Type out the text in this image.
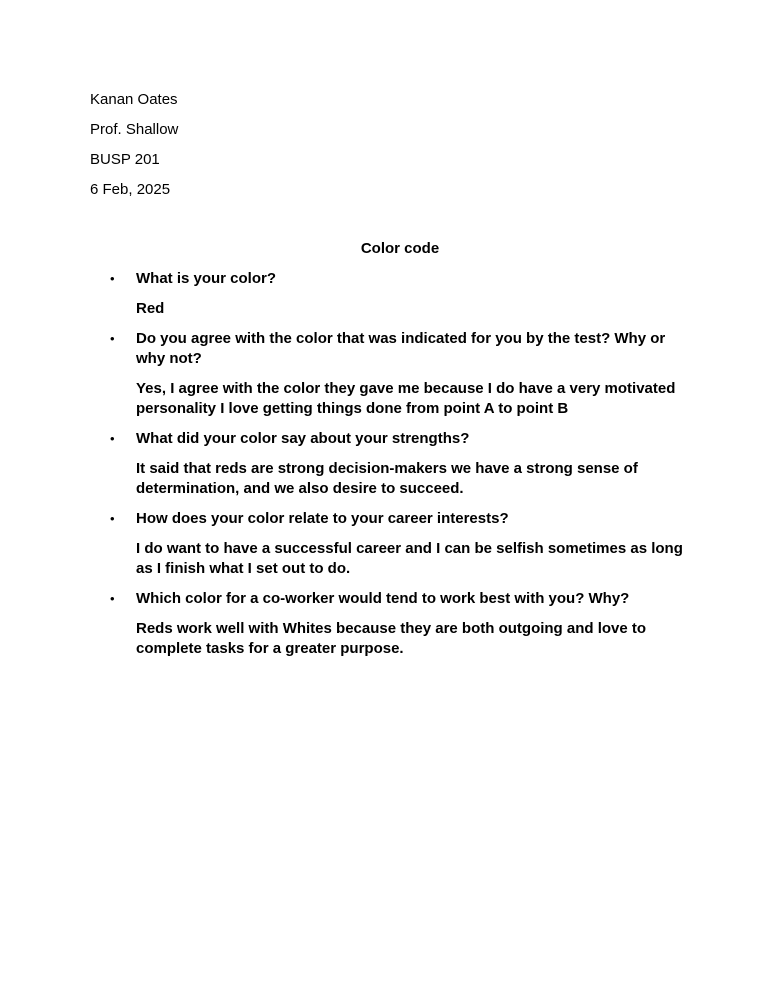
Kanan Oates
Prof. Shallow
BUSP 201
6 Feb, 2025
Color code
•	What is your color?
Red
•	Do you agree with the color that was indicated for you by the test? Why or why not?
Yes, I agree with the color they gave me because I do have a very motivated personality I love getting things done from point A to point B
•	What did your color say about your strengths?
It said that reds are strong decision-makers we have a strong sense of determination, and we also desire to succeed.
•	How does your color relate to your career interests?
I do want to have a successful career and I can be selfish sometimes as long as I finish what I set out to do.
•	Which color for a co-worker would tend to work best with you? Why?
Reds work well with Whites because they are both outgoing and love to complete tasks for a greater purpose.
